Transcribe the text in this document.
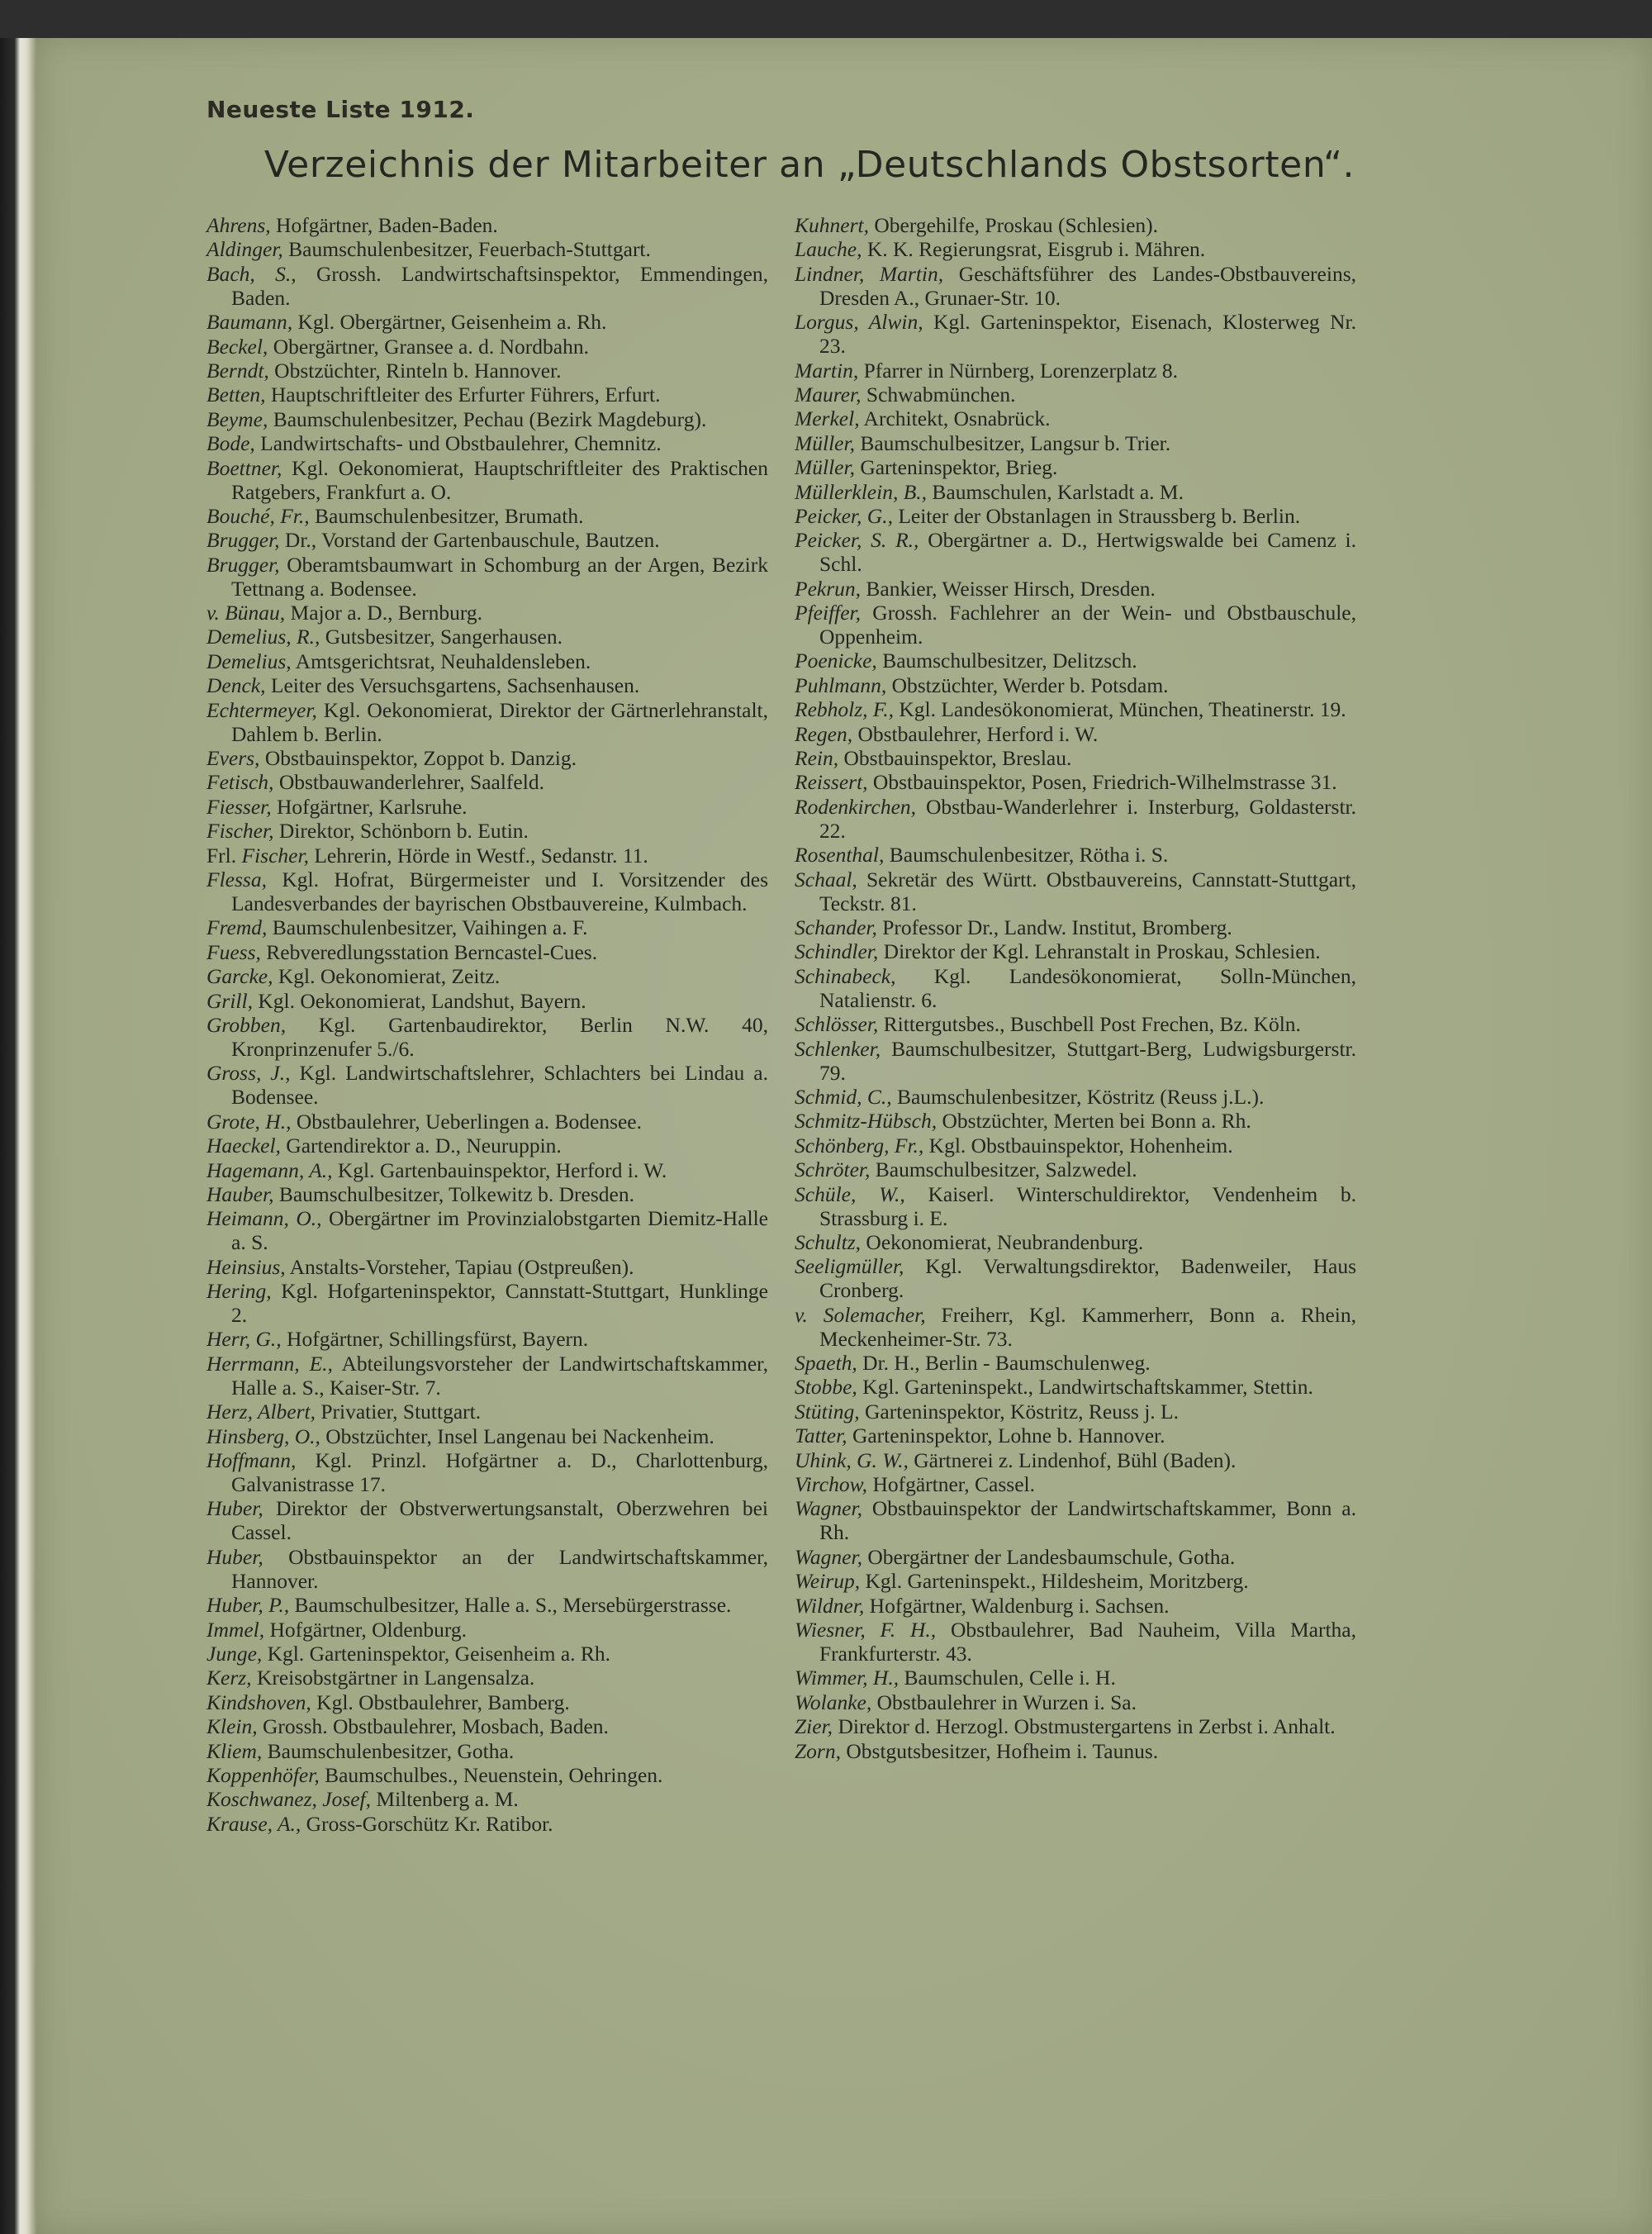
Neueste Liste 1912.
Verzeichnis der Mitarbeiter an „Deutschlands Obstsorten“.
Ahrens, Hofgärtner, Baden-Baden.
Aldinger, Baumschulenbesitzer, Feuerbach-Stuttgart.
Bach, S., Grossh. Landwirtschaftsinspektor, Emmendingen, Baden.
Baumann, Kgl. Obergärtner, Geisenheim a. Rh.
Beckel, Obergärtner, Gransee a. d. Nordbahn.
Berndt, Obstzüchter, Rinteln b. Hannover.
Betten, Hauptschriftleiter des Erfurter Führers, Erfurt.
Beyme, Baumschulenbesitzer, Pechau (Bezirk Magdeburg).
Bode, Landwirtschafts- und Obstbaulehrer, Chemnitz.
Boettner, Kgl. Oekonomierat, Hauptschriftleiter des Praktischen Ratgebers, Frankfurt a. O.
Bouché, Fr., Baumschulenbesitzer, Brumath.
Brugger, Dr., Vorstand der Gartenbauschule, Bautzen.
Brugger, Oberamtsbaumwart in Schomburg an der Argen, Bezirk Tettnang a. Bodensee.
v. Bünau, Major a. D., Bernburg.
Demelius, R., Gutsbesitzer, Sangerhausen.
Demelius, Amtsgerichtsrat, Neuhaldensleben.
Denck, Leiter des Versuchsgartens, Sachsenhausen.
Echtermeyer, Kgl. Oekonomierat, Direktor der Gärtnerlehranstalt, Dahlem b. Berlin.
Evers, Obstbauinspektor, Zoppot b. Danzig.
Fetisch, Obstbauwanderlehrer, Saalfeld.
Fiesser, Hofgärtner, Karlsruhe.
Fischer, Direktor, Schönborn b. Eutin.
Frl. Fischer, Lehrerin, Hörde in Westf., Sedanstr. 11.
Flessa, Kgl. Hofrat, Bürgermeister und I. Vorsitzender des Landesverbandes der bayrischen Obstbauvereine, Kulmbach.
Fremd, Baumschulenbesitzer, Vaihingen a. F.
Fuess, Rebveredlungsstation Berncastel-Cues.
Garcke, Kgl. Oekonomierat, Zeitz.
Grill, Kgl. Oekonomierat, Landshut, Bayern.
Grobben, Kgl. Gartenbaudirektor, Berlin N.W. 40, Kronprinzenufer 5./6.
Gross, J., Kgl. Landwirtschaftslehrer, Schlachters bei Lindau a. Bodensee.
Grote, H., Obstbaulehrer, Ueberlingen a. Bodensee.
Haeckel, Gartendirektor a. D., Neuruppin.
Hagemann, A., Kgl. Gartenbauinspektor, Herford i. W.
Hauber, Baumschulbesitzer, Tolkewitz b. Dresden.
Heimann, O., Obergärtner im Provinzialobstgarten Diemitz-Halle a. S.
Heinsius, Anstalts-Vorsteher, Tapiau (Ostpreußen).
Hering, Kgl. Hofgarteninspektor, Cannstatt-Stuttgart, Hunklinge 2.
Herr, G., Hofgärtner, Schillingsfürst, Bayern.
Herrmann, E., Abteilungsvorsteher der Landwirtschaftskammer, Halle a. S., Kaiser-Str. 7.
Herz, Albert, Privatier, Stuttgart.
Hinsberg, O., Obstzüchter, Insel Langenau bei Nackenheim.
Hoffmann, Kgl. Prinzl. Hofgärtner a. D., Charlottenburg, Galvanistrasse 17.
Huber, Direktor der Obstverwertungsanstalt, Oberzwehren bei Cassel.
Huber, Obstbauinspektor an der Landwirtschaftskammer, Hannover.
Huber, P., Baumschulbesitzer, Halle a. S., Mersebürgerstrasse.
Immel, Hofgärtner, Oldenburg.
Junge, Kgl. Garteninspektor, Geisenheim a. Rh.
Kerz, Kreisobstgärtner in Langensalza.
Kindshoven, Kgl. Obstbaulehrer, Bamberg.
Klein, Grossh. Obstbaulehrer, Mosbach, Baden.
Kliem, Baumschulenbesitzer, Gotha.
Koppenhöfer, Baumschulbes., Neuenstein, Oehringen.
Koschwanez, Josef, Miltenberg a. M.
Krause, A., Gross-Gorschütz Kr. Ratibor.
Kuhnert, Obergehilfe, Proskau (Schlesien).
Lauche, K. K. Regierungsrat, Eisgrub i. Mähren.
Lindner, Martin, Geschäftsführer des Landes-Obstbauvereins, Dresden A., Grunaer-Str. 10.
Lorgus, Alwin, Kgl. Garteninspektor, Eisenach, Klosterweg Nr. 23.
Martin, Pfarrer in Nürnberg, Lorenzerplatz 8.
Maurer, Schwabmünchen.
Merkel, Architekt, Osnabrück.
Müller, Baumschulbesitzer, Langsur b. Trier.
Müller, Garteninspektor, Brieg.
Müllerklein, B., Baumschulen, Karlstadt a. M.
Peicker, G., Leiter der Obstanlagen in Straussberg b. Berlin.
Peicker, S. R., Obergärtner a. D., Hertwigswalde bei Camenz i. Schl.
Pekrun, Bankier, Weisser Hirsch, Dresden.
Pfeiffer, Grossh. Fachlehrer an der Wein- und Obstbauschule, Oppenheim.
Poenicke, Baumschulbesitzer, Delitzsch.
Puhlmann, Obstzüchter, Werder b. Potsdam.
Rebholz, F., Kgl. Landesökonomierat, München, Theatinerstr. 19.
Regen, Obstbaulehrer, Herford i. W.
Rein, Obstbauinspektor, Breslau.
Reissert, Obstbauinspektor, Posen, Friedrich-Wilhelmstrasse 31.
Rodenkirchen, Obstbau-Wanderlehrer i. Insterburg, Goldasterstr. 22.
Rosenthal, Baumschulenbesitzer, Rötha i. S.
Schaal, Sekretär des Württ. Obstbauvereins, Cannstatt-Stuttgart, Teckstr. 81.
Schander, Professor Dr., Landw. Institut, Bromberg.
Schindler, Direktor der Kgl. Lehranstalt in Proskau, Schlesien.
Schinabeck, Kgl. Landesökonomierat, Solln-München, Natalienstr. 6.
Schlösser, Rittergutsbes., Buschbell Post Frechen, Bz. Köln.
Schlenker, Baumschulbesitzer, Stuttgart-Berg, Ludwigsburgerstr. 79.
Schmid, C., Baumschulenbesitzer, Köstritz (Reuss j.L.).
Schmitz-Hübsch, Obstzüchter, Merten bei Bonn a. Rh.
Schönberg, Fr., Kgl. Obstbauinspektor, Hohenheim.
Schröter, Baumschulbesitzer, Salzwedel.
Schüle, W., Kaiserl. Winterschuldirektor, Vendenheim b. Strassburg i. E.
Schultz, Oekonomierat, Neubrandenburg.
Seeligmüller, Kgl. Verwaltungsdirektor, Badenweiler, Haus Cronberg.
v. Solemacher, Freiherr, Kgl. Kammerherr, Bonn a. Rhein, Meckenheimer-Str. 73.
Spaeth, Dr. H., Berlin - Baumschulenweg.
Stobbe, Kgl. Garteninspekt., Landwirtschaftskammer, Stettin.
Stüting, Garteninspektor, Köstritz, Reuss j. L.
Tatter, Garteninspektor, Lohne b. Hannover.
Uhink, G. W., Gärtnerei z. Lindenhof, Bühl (Baden).
Virchow, Hofgärtner, Cassel.
Wagner, Obstbauinspektor der Landwirtschaftskammer, Bonn a. Rh.
Wagner, Obergärtner der Landesbaumschule, Gotha.
Weirup, Kgl. Garteninspekt., Hildesheim, Moritzberg.
Wildner, Hofgärtner, Waldenburg i. Sachsen.
Wiesner, F. H., Obstbaulehrer, Bad Nauheim, Villa Martha, Frankfurterstr. 43.
Wimmer, H., Baumschulen, Celle i. H.
Wolanke, Obstbaulehrer in Wurzen i. Sa.
Zier, Direktor d. Herzogl. Obstmustergartens in Zerbst i. Anhalt.
Zorn, Obstgutsbesitzer, Hofheim i. Taunus.
